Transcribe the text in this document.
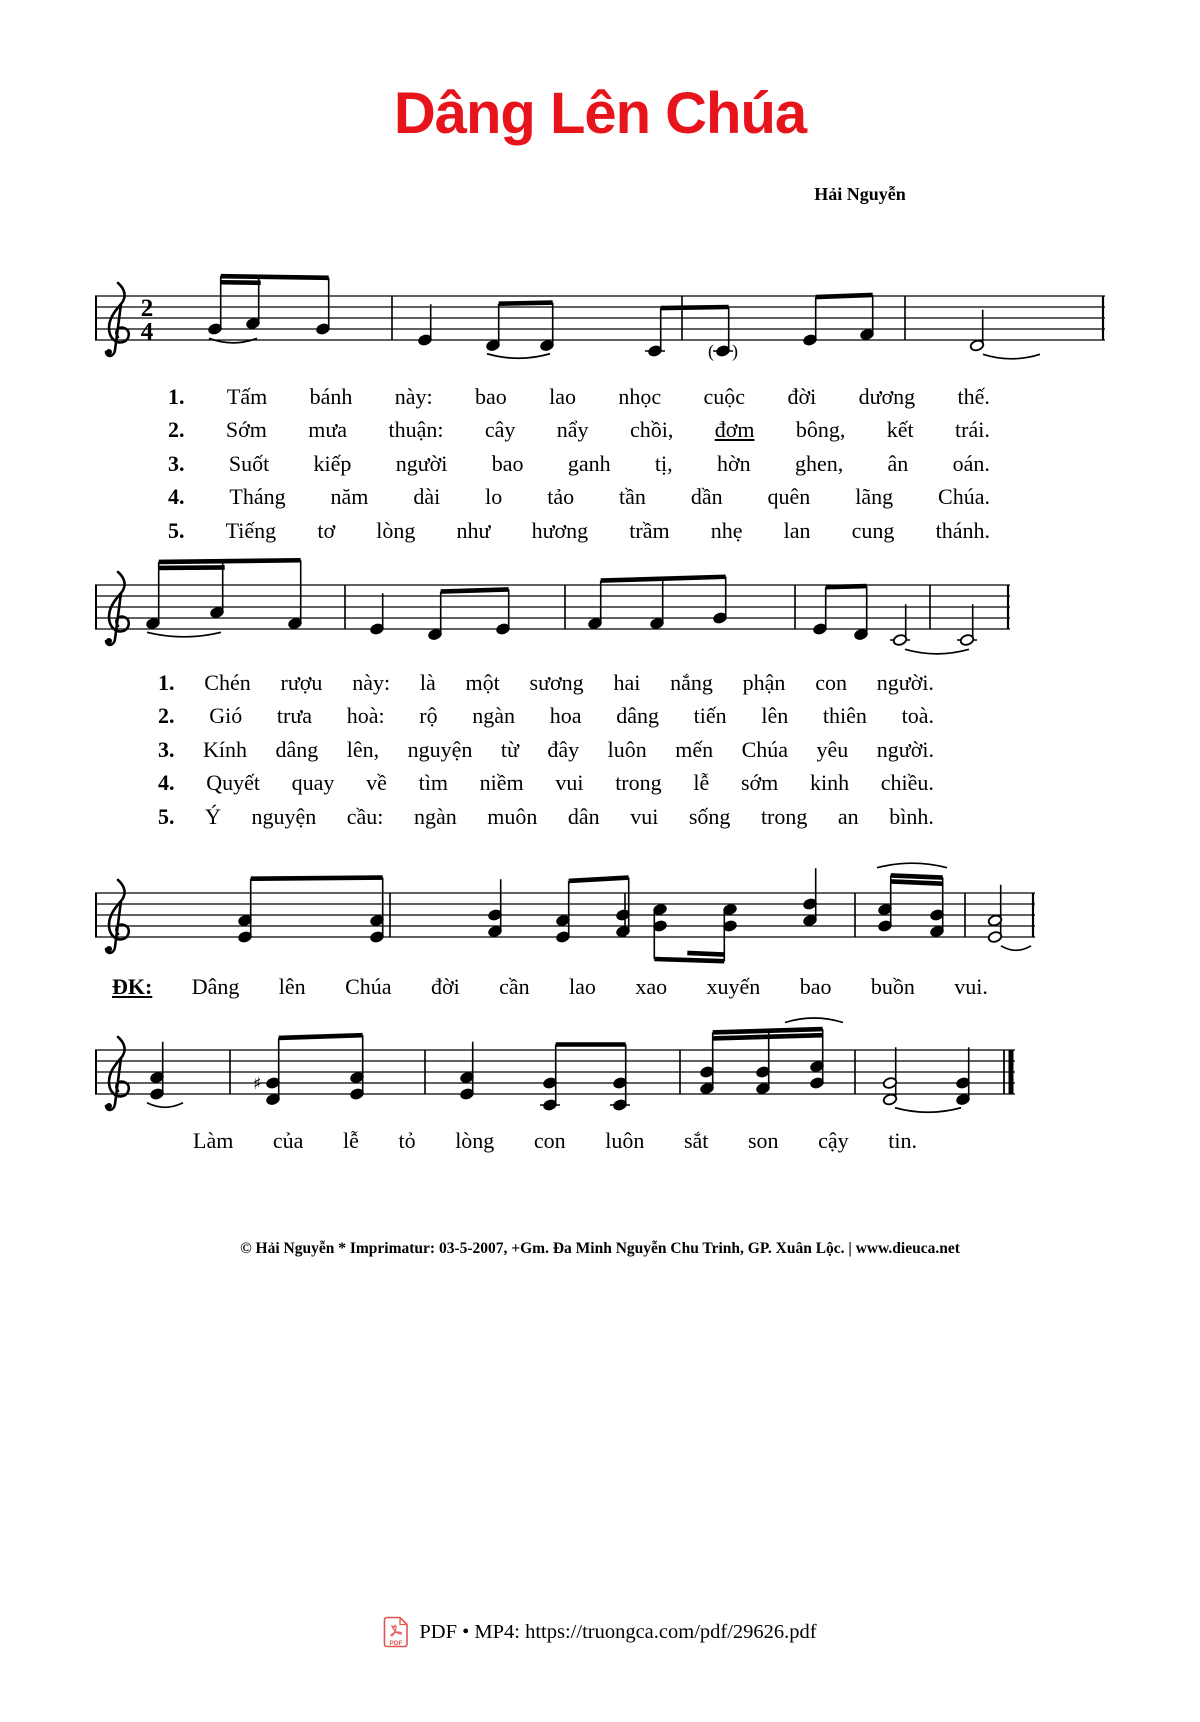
Dâng Lên Chúa
Hải Nguyễn
2
4
( )
1. Tấm bánh này: bao lao nhọc cuộc đời dương thế.
2. Sớm mưa thuận: cây nẩy chồi, đơm bông, kết trái.
3. Suốt kiếp người bao ganh tị, hờn ghen, ân oán.
4. Tháng năm dài lo tảo tần dần quên lãng Chúa.
5. Tiếng tơ lòng như hương trầm nhẹ lan cung thánh.
1. Chén rượu này: là một sương hai nắng phận con người.
2. Gió trưa hoà: rộ ngàn hoa dâng tiến lên thiên toà.
3. Kính dâng lên, nguyện từ đây luôn mến Chúa yêu người.
4. Quyết quay về tìm niềm vui trong lễ sớm kinh chiều.
5. Ý nguyện cầu: ngàn muôn dân vui sống trong an bình.
ĐK: Dâng lên Chúa đời cần lao xao xuyến bao buồn vui.
♯
Làm của lễ tỏ lòng con luôn sắt son cậy tin.
© Hải Nguyễn * Imprimatur: 03-5-2007, +Gm. Đa Minh Nguyễn Chu Trinh, GP. Xuân Lộc. | www.dieuca.net
PDF
PDF • MP4: https://truongca.com/pdf/29626.pdf
